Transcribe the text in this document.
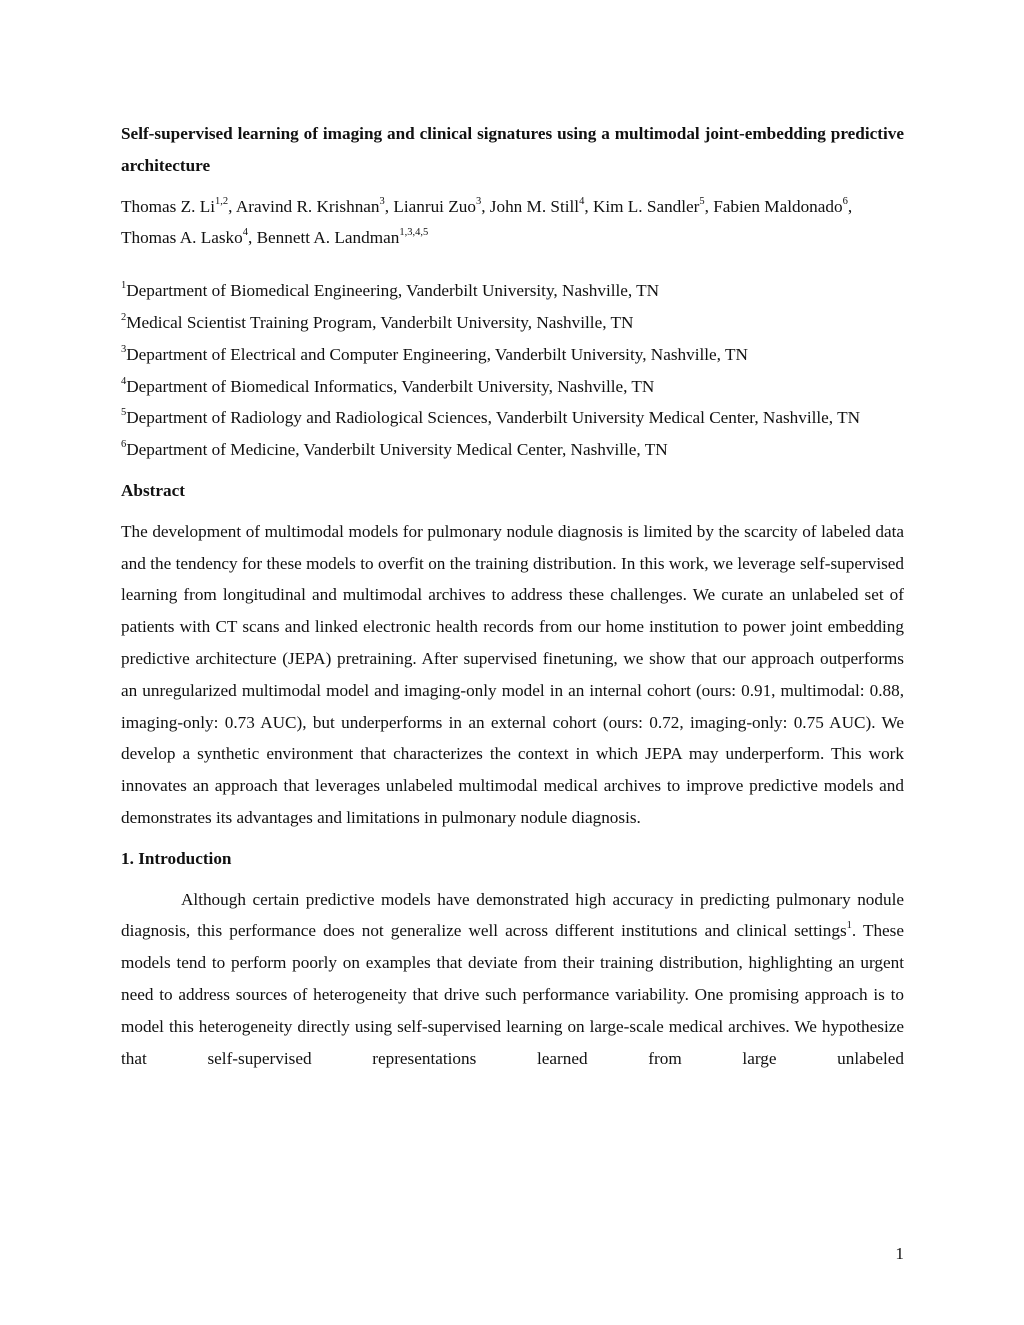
Self-supervised learning of imaging and clinical signatures using a multimodal joint-embedding predictive architecture

Thomas Z. Li$^{1,2}$, Aravind R. Krishnan$^3$, Lianrui Zuo$^3$, John M. Still$^4$, Kim L. Sandler$^5$, Fabien Maldonado$^6$, Thomas A. Lasko$^4$, Bennett A. Landman$^{1,3,4,5}$

$^1$Department of Biomedical Engineering, Vanderbilt University, Nashville, TN
$^2$Medical Scientist Training Program, Vanderbilt University, Nashville, TN
$^3$Department of Electrical and Computer Engineering, Vanderbilt University, Nashville, TN
$^4$Department of Biomedical Informatics, Vanderbilt University, Nashville, TN
$^5$Department of Radiology and Radiological Sciences, Vanderbilt University Medical Center, Nashville, TN
$^6$Department of Medicine, Vanderbilt University Medical Center, Nashville, TN
Abstract

The development of multimodal models for pulmonary nodule diagnosis is limited by the scarcity of labeled data and the tendency for these models to overfit on the training distribution. In this work, we leverage self-supervised learning from longitudinal and multimodal archives to address these challenges. We curate an unlabeled set of patients with CT scans and linked electronic health records from our home institution to power joint embedding predictive architecture (JEPA) pretraining. After supervised finetuning, we show that our approach outperforms an unregularized multimodal model and imaging-only model in an internal cohort (ours: 0.91, multimodal: 0.88, imaging-only: 0.73 AUC), but underperforms in an external cohort (ours: 0.72, imaging-only: 0.75 AUC). We develop a synthetic environment that characterizes the context in which JEPA may underperform. This work innovates an approach that leverages unlabeled multimodal medical archives to improve predictive models and demonstrates its advantages and limitations in pulmonary nodule diagnosis.

1. Introduction

Although certain predictive models have demonstrated high accuracy in predicting pulmonary nodule diagnosis, this performance does not generalize well across different institutions and clinical settings$^1$. These models tend to perform poorly on examples that deviate from their training distribution, highlighting an urgent need to address sources of heterogeneity that drive such performance variability. One promising approach is to model this heterogeneity directly using self-supervised learning on large-scale medical archives. We hypothesize that self-supervised representations learned from large unlabeled

1
